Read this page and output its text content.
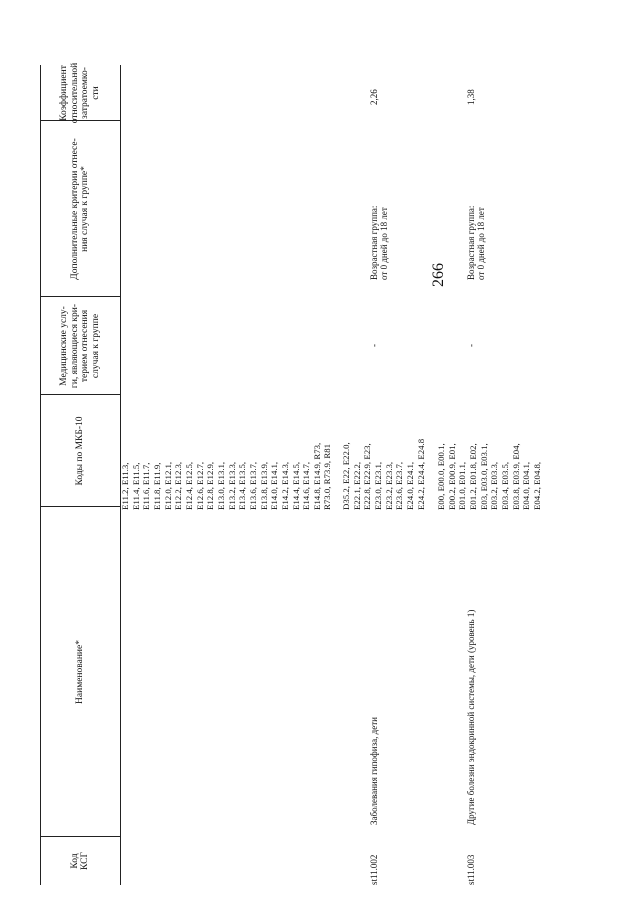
266
Код
КСГ
Наименование*
Коды по МКБ-10
Медицинские услу-
ги, являющиеся кри-
терием отнесения
случая к группе
Дополнительные критерии отнесе-
ния случая к группе*
Коэффициент
относительной
затратоемко-
сти
E11.2, E11.3,
E11.4, E11.5,
E11.6, E11.7,
E11.8, E11.9,
E12.0, E12.1,
E12.2, E12.3,
E12.4, E12.5,
E12.6, E12.7,
E12.8, E12.9,
E13.0, E13.1,
E13.2, E13.3,
E13.4, E13.5,
E13.6, E13.7,
E13.8, E13.9,
E14.0, E14.1,
E14.2, E14.3,
E14.4, E14.5,
E14.6, E14.7,
E14.8, E14.9, R73,
R73.0, R73.9, R81
st11.002
Заболевания гипофиза, дети
D35.2, E22, E22.0,
E22.1, E22.2,
E22.8, E22.9, E23,
E23.0, E23.1,
E23.2, E23.3,
E23.6, E23.7,
E24.0, E24.1,
E24.2, E24.4, E24.8
-
Возрастная группа:
от 0 дней до 18 лет
2,26
st11.003
Другие болезни эндокринной системы, дети (уровень 1)
E00, E00.0, E00.1,
E00.2, E00.9, E01,
E01.0, E01.1,
E01.2, E01.8, E02,
E03, E03.0, E03.1,
E03.2, E03.3,
E03.4, E03.5,
E03.8, E03.9, E04,
E04.0, E04.1,
E04.2, E04.8,
-
Возрастная группа:
от 0 дней до 18 лет
1,38
